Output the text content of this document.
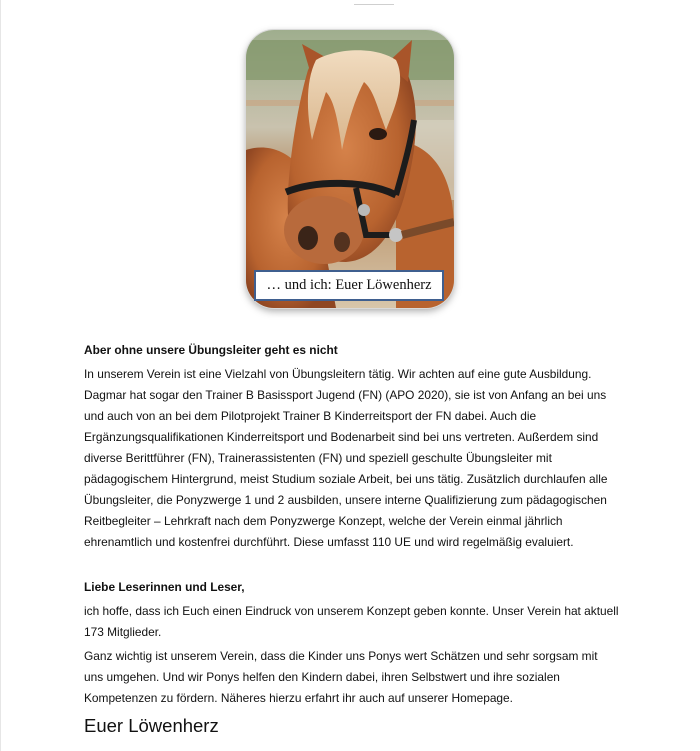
… und ich: Euer Löwenherz

Aber ohne unsere Übungsleiter geht es nicht

In unserem Verein ist eine Vielzahl von Übungsleitern tätig. Wir achten auf eine gute Ausbildung.
Dagmar hat sogar den Trainer B Basissport Jugend (FN) (APO 2020), sie ist von Anfang an bei uns
und auch von an bei dem Pilotprojekt Trainer B Kinderreitsport der FN dabei. Auch die
Ergänzungsqualifikationen Kinderreitsport und Bodenarbeit sind bei uns vertreten. Außerdem sind
diverse Berittführer (FN), Trainerassistenten (FN) und speziell geschulte Übungsleiter mit
pädagogischem Hintergrund, meist Studium soziale Arbeit, bei uns tätig. Zusätzlich durchlaufen alle
Übungsleiter, die Ponyzwerge 1 und 2 ausbilden, unsere interne Qualifizierung zum pädagogischen
Reitbegleiter – Lehrkraft nach dem Ponyzwerge Konzept, welche der Verein einmal jährlich
ehrenamtlich und kostenfrei durchführt. Diese umfasst 110 UE und wird regelmäßig evaluiert.

Liebe Leserinnen und Leser,

ich hoffe, dass ich Euch einen Eindruck von unserem Konzept geben konnte. Unser Verein hat aktuell
173 Mitglieder.
Ganz wichtig ist unserem Verein, dass die Kinder uns Ponys wert Schätzen und sehr sorgsam mit
uns umgehen. Und wir Ponys helfen den Kindern dabei, ihren Selbstwert und ihre sozialen
Kompetenzen zu fördern. Näheres hierzu erfahrt ihr auch auf unserer Homepage.
Euer Löwenherz
